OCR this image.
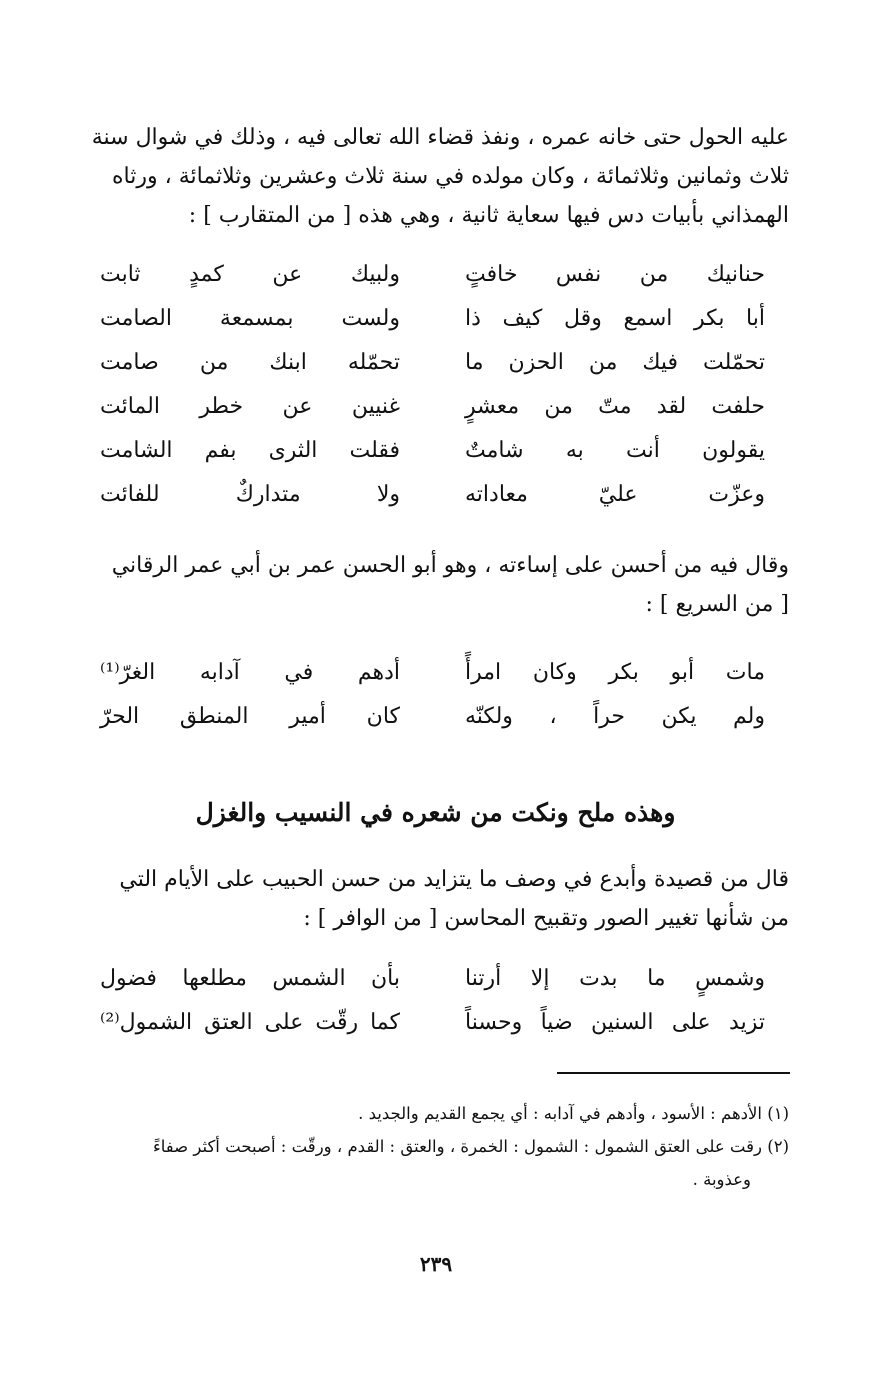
عليه الحول حتى خانه عمره ، ونفذ قضاء الله تعالى فيه ، وذلك في شوال سنة
ثلاث وثمانين وثلاثمائة ، وكان مولده في سنة ثلاث وعشرين وثلاثمائة ، ورثاه
الهمذاني بأبيات دس فيها سعاية ثانية ، وهي هذه [ من المتقارب ] :
حنانيك من نفس خافتٍ
ولبيك عن كمدٍ ثابت
أبا بكر اسمع وقل كيف ذا
ولست بمسمعة الصامت
تحمّلت فيك من الحزن ما
تحمّله ابنك من صامت
حلفت لقد متّ من معشرٍ
غنيين عن خطر المائت
يقولون أنت به شامتٌ
فقلت الثرى بفم الشامت
وعزّت عليّ معاداته
ولا متداركٌ للفائت
وقال فيه من أحسن على إساءته ، وهو أبو الحسن عمر بن أبي عمر الرقاني
[ من السريع ] :
مات أبو بكر وكان امرأً
أدهم في آدابه الغرّ⁽¹⁾
ولم يكن حراً ، ولكنّه
كان أمير المنطق الحرّ
وهذه ملح ونكت من شعره في النسيب والغزل
قال من قصيدة وأبدع في وصف ما يتزايد من حسن الحبيب على الأيام التي
من شأنها تغيير الصور وتقبيح المحاسن [ من الوافر ] :
وشمسٍ ما بدت إلا أرتنا
بأن الشمس مطلعها فضول
تزيد على السنين ضياً وحسناً
كما رقّت على العتق الشمول⁽²⁾
(١) الأدهم : الأسود ، وأدهم في آدابه : أي يجمع القديم والجديد .
(٢) رقت على العتق الشمول : الشمول : الخمرة ، والعتق : القدم ، ورقّت : أصبحت أكثر صفاءً
وعذوبة .
٢٣٩
